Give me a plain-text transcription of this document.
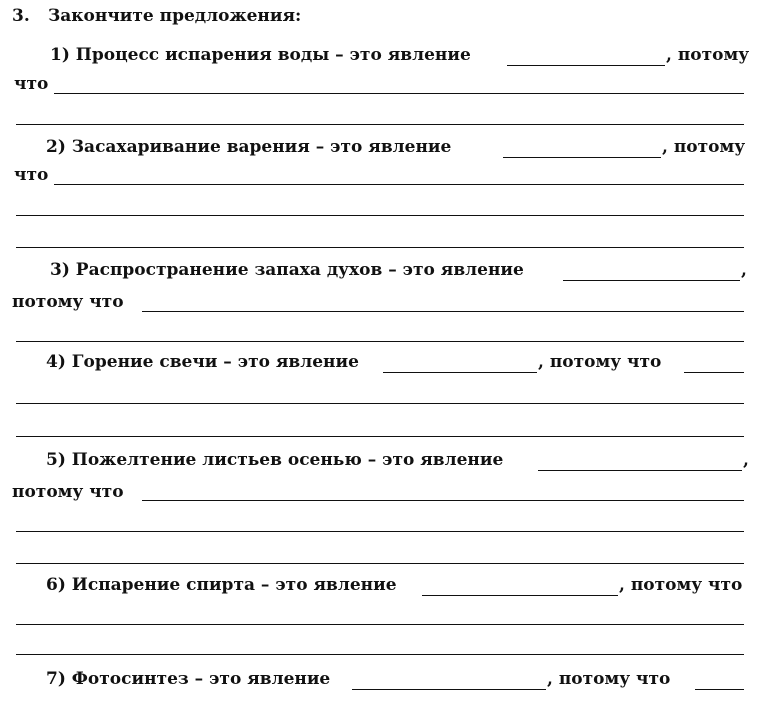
3. Закончите предложения:
1) Процесс испарения воды – это явление	, потому
что
2) Засахаривание варения – это явление	, потому
что
3) Распространение запаха духов – это явление	,
потому что
4) Горение свечи – это явление	, потому что
5) Пожелтение листьев осенью – это явление	,
потому что
6) Испарение спирта – это явление	, потому что
7) Фотосинтез – это явление	, потому что
